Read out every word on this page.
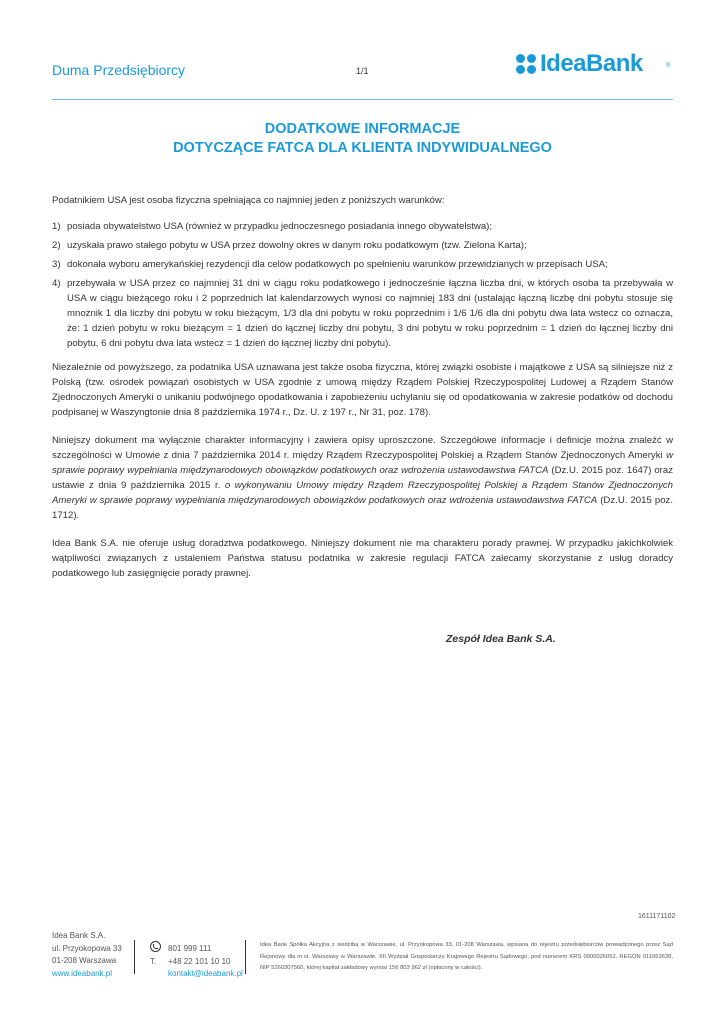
Duma Przedsiębiorcy	1/1	IdeaBank	®
DODATKOWE INFORMACJE
DOTYCZĄCE FATCA DLA KLIENTA INDYWIDUALNEGO

Podatnikiem USA jest osoba fizyczna spełniająca co najmniej jeden z poniższych warunków:

1) posiada obywatelstwo USA (również w przypadku jednoczesnego posiadania innego obywatelstwa);
2) uzyskała prawo stałego pobytu w USA przez dowolny okres w danym roku podatkowym (tzw. Zielona Karta);
3) dokonała wyboru amerykańskiej rezydencji dla celów podatkowych po spełnieniu warunków przewidzianych w przepisach USA;
4) przebywała w USA przez co najmniej 31 dni w ciągu roku podatkowego i jednocześnie łączna liczba dni, w których osoba ta przebywała w USA w ciągu bieżącego roku i 2 poprzednich lat kalendarzowych wynosi co najmniej 183 dni (ustalając łączną liczbę dni pobytu stosuje się mnożnik 1 dla liczby dni pobytu w roku bieżącym, 1/3 dla dni pobytu w roku poprzednim i 1/6 1/6 dla dni pobytu dwa lata wstecz co oznacza, że: 1 dzień pobytu w roku bieżącym = 1 dzień do łącznej liczby dni pobytu, 3 dni pobytu w roku poprzednim = 1 dzień do łącznej liczby dni pobytu, 6 dni pobytu dwa lata wstecz = 1 dzień do łącznej liczby dni pobytu).

Niezależnie od powyższego, za podatnika USA uznawana jest także osoba fizyczna, której związki osobiste i majątkowe z USA są silniejsze niż z Polską (tzw. ośrodek powiązań osobistych w USA zgodnie z umową między Rządem Polskiej Rzeczypospolitej Ludowej a Rządem Stanów Zjednoczonych Ameryki o unikaniu podwójnego opodatkowania i zapobieżeniu uchylaniu się od opodatkowania w zakresie podatków od dochodu podpisanej w Waszyngtonie dnia 8 października 1974 r., Dz. U. z 197 r., Nr 31, poz. 178).

Niniejszy dokument ma wyłącznie charakter informacyjny i zawiera opisy uproszczone. Szczegółowe informacje i definicje można znaleźć w szczególności w Umowie z dnia 7 października 2014 r. między Rządem Rzeczypospolitej Polskiej a Rządem Stanów Zjednoczonych Ameryki w sprawie poprawy wypełniania międzynarodowych obowiązków podatkowych oraz wdrożenia ustawodawstwa FATCA (Dz.U. 2015 poz. 1647) oraz ustawie z dnia 9 października 2015 r. o wykonywaniu Umowy między Rządem Rzeczypospolitej Polskiej a Rządem Stanów Zjednoczonych Ameryki w sprawie poprawy wypełniania międzynarodowych obowiązków podatkowych oraz wdrożenia ustawodawstwa FATCA (Dz.U. 2015 poz. 1712).

Idea Bank S.A. nie oferuje usług doradztwa podatkowego. Niniejszy dokument nie ma charakteru porady prawnej. W przypadku jakichkolwiek wątpliwości związanych z ustaleniem Państwa statusu podatnika w zakresie regulacji FATCA zalecamy skorzystanie z usług doradcy podatkowego lub zasięgnięcie porady prawnej.

Zespół Idea Bank S.A.
1611171102
Idea Bank S.A.
ul. Przyokopowa 33
01-208 Warszawa
www.ideabank.pl
801 999 111
T. +48 22 101 10 10
kontakt@ideabank.pl
Idea Bank Spółka Akcyjna z siedzibą w Warszawie, ul. Przyokopowa 33, 01-208 Warszawa, wpisana do rejestru przedsiębiorców prowadzonego przez Sąd Rejonowy dla m.st. Warszawy w Warszawie, XII Wydział Gospodarczy Krajowego Rejestru Sądowego, pod numerem KRS 0000026052, REGON 011063638, NIP 5260307560, której kapitał zakładowy wynosi 156 803 962 zł (opłacony w całości).
